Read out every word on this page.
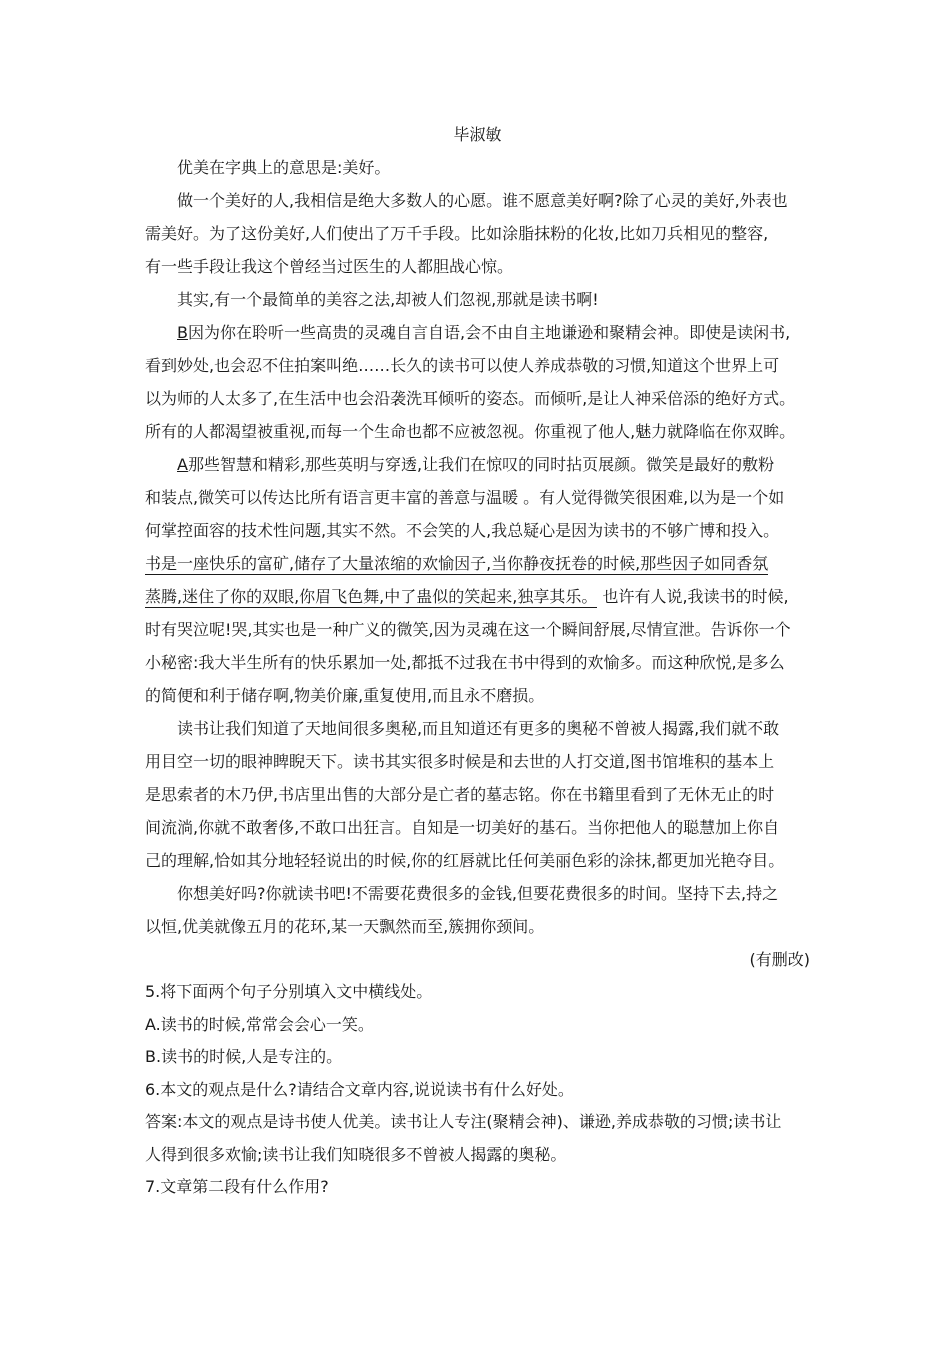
毕淑敏
优美在字典上的意思是:美好。
做一个美好的人,我相信是绝大多数人的心愿。谁不愿意美好啊?除了心灵的美好,外表也
需美好。为了这份美好,人们使出了万千手段。比如涂脂抹粉的化妆,比如刀兵相见的整容,
有一些手段让我这个曾经当过医生的人都胆战心惊。
其实,有一个最简单的美容之法,却被人们忽视,那就是读书啊!
B因为你在聆听一些高贵的灵魂自言自语,会不由自主地谦逊和聚精会神。即使是读闲书,
看到妙处,也会忍不住拍案叫绝……长久的读书可以使人养成恭敬的习惯,知道这个世界上可
以为师的人太多了,在生活中也会沿袭洗耳倾听的姿态。而倾听,是让人神采倍添的绝好方式。
所有的人都渴望被重视,而每一个生命也都不应被忽视。你重视了他人,魅力就降临在你双眸。
A那些智慧和精彩,那些英明与穿透,让我们在惊叹的同时拈页展颜。微笑是最好的敷粉
和装点,微笑可以传达比所有语言更丰富的善意与温暖 。有人觉得微笑很困难,以为是一个如
何掌控面容的技术性问题,其实不然。不会笑的人,我总疑心是因为读书的不够广博和投入。
书是一座快乐的富矿,储存了大量浓缩的欢愉因子,当你静夜抚卷的时候,那些因子如同香氛
蒸腾,迷住了你的双眼,你眉飞色舞,中了蛊似的笑起来,独享其乐。 也许有人说,我读书的时候,
时有哭泣呢!哭,其实也是一种广义的微笑,因为灵魂在这一个瞬间舒展,尽情宣泄。告诉你一个
小秘密:我大半生所有的快乐累加一处,都抵不过我在书中得到的欢愉多。而这种欣悦,是多么
的简便和利于储存啊,物美价廉,重复使用,而且永不磨损。
读书让我们知道了天地间很多奥秘,而且知道还有更多的奥秘不曾被人揭露,我们就不敢
用目空一切的眼神睥睨天下。读书其实很多时候是和去世的人打交道,图书馆堆积的基本上
是思索者的木乃伊,书店里出售的大部分是亡者的墓志铭。你在书籍里看到了无休无止的时
间流淌,你就不敢奢侈,不敢口出狂言。自知是一切美好的基石。当你把他人的聪慧加上你自
己的理解,恰如其分地轻轻说出的时候,你的红唇就比任何美丽色彩的涂抹,都更加光艳夺目。
你想美好吗?你就读书吧!不需要花费很多的金钱,但要花费很多的时间。坚持下去,持之
以恒,优美就像五月的花环,某一天飘然而至,簇拥你颈间。
(有删改)
5.将下面两个句子分别填入文中横线处。
A.读书的时候,常常会会心一笑。
B.读书的时候,人是专注的。
6.本文的观点是什么?请结合文章内容,说说读书有什么好处。
答案:本文的观点是诗书使人优美。读书让人专注(聚精会神)、谦逊,养成恭敬的习惯;读书让
人得到很多欢愉;读书让我们知晓很多不曾被人揭露的奥秘。
7.文章第二段有什么作用?
